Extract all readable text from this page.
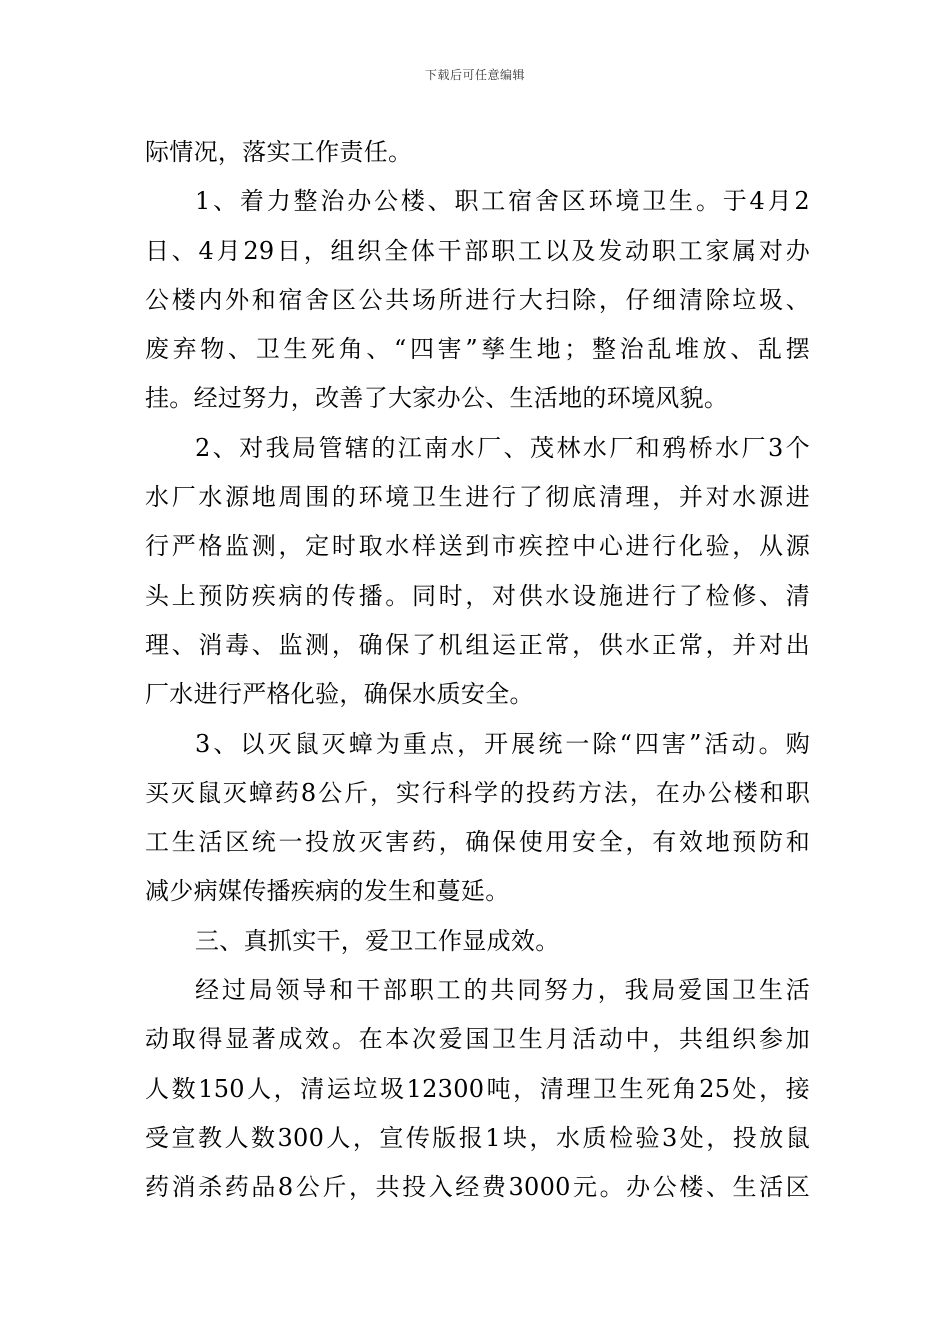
下载后可任意编辑
际情况，落实工作责任。
1、着力整治办公楼、职工宿舍区环境卫生。于4月2
日、4月29日，组织全体干部职工以及发动职工家属对办
公楼内外和宿舍区公共场所进行大扫除，仔细清除垃圾、
废弃物、卫生死角、“四害”孳生地；整治乱堆放、乱摆
挂。经过努力，改善了大家办公、生活地的环境风貌。
2、对我局管辖的江南水厂、茂林水厂和鸦桥水厂3个
水厂水源地周围的环境卫生进行了彻底清理，并对水源进
行严格监测，定时取水样送到市疾控中心进行化验，从源
头上预防疾病的传播。同时，对供水设施进行了检修、清
理、消毒、监测，确保了机组运正常，供水正常，并对出
厂水进行严格化验，确保水质安全。
3、以灭鼠灭蟑为重点，开展统一除“四害”活动。购
买灭鼠灭蟑药8公斤，实行科学的投药方法，在办公楼和职
工生活区统一投放灭害药，确保使用安全，有效地预防和
减少病媒传播疾病的发生和蔓延。
三、真抓实干，爱卫工作显成效。
经过局领导和干部职工的共同努力，我局爱国卫生活
动取得显著成效。在本次爱国卫生月活动中，共组织参加
人数150人，清运垃圾12300吨，清理卫生死角25处，接
受宣教人数300人，宣传版报1块，水质检验3处，投放鼠
药消杀药品8公斤，共投入经费3000元。办公楼、生活区
